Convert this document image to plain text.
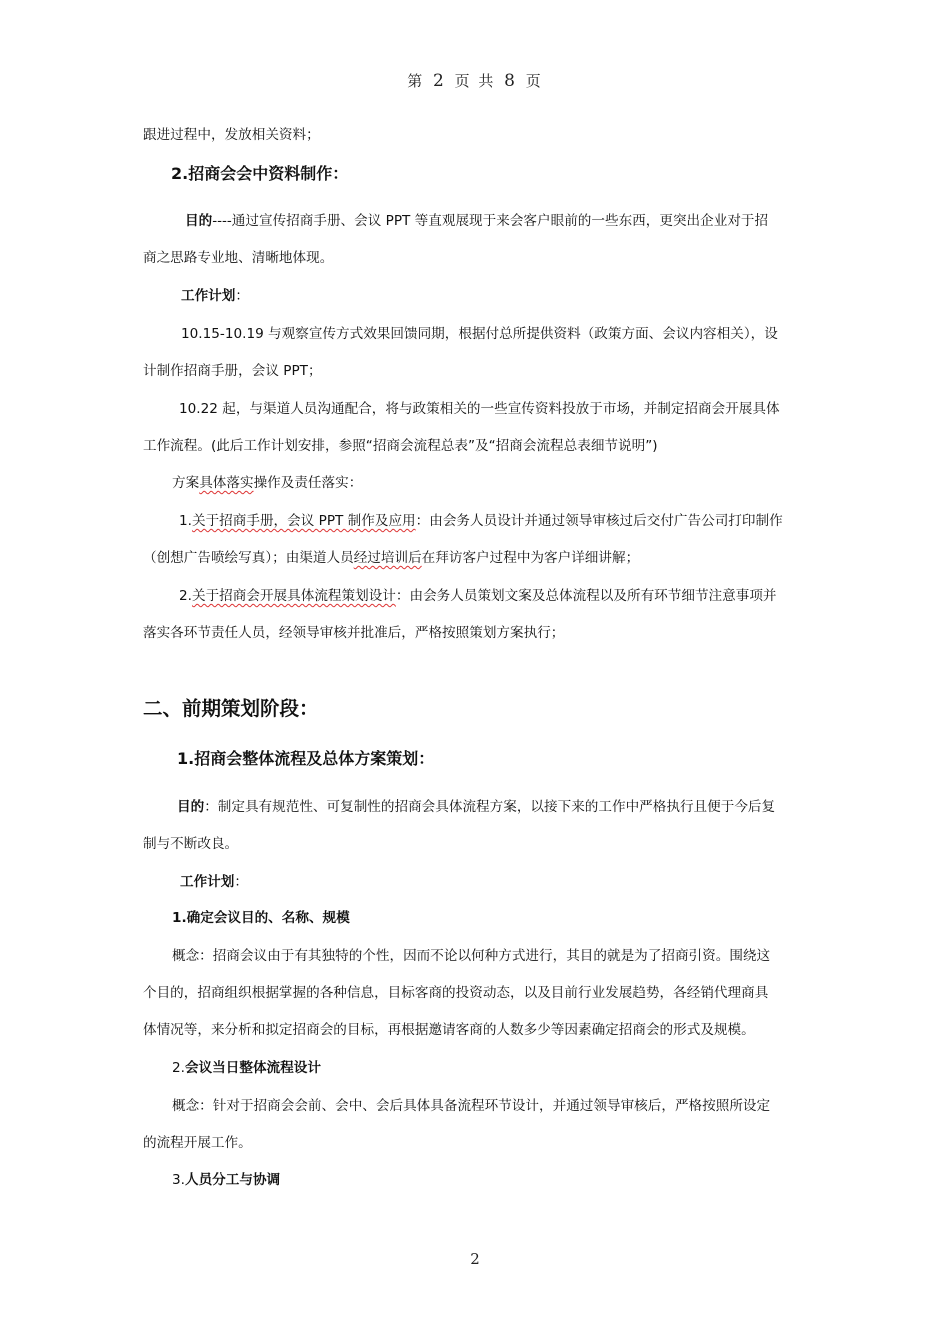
第 2 页 共 8 页
跟进过程中，发放相关资料；
2.招商会会中资料制作：
目的----通过宣传招商手册、会议 PPT 等直观展现于来会客户眼前的一些东西，更突出企业对于招
商之思路专业地、清晰地体现。
工作计划：
10.15-10.19 与观察宣传方式效果回馈同期，根据付总所提供资料（政策方面、会议内容相关），设
计制作招商手册，会议 PPT；
10.22 起，与渠道人员沟通配合，将与政策相关的一些宣传资料投放于市场，并制定招商会开展具体
工作流程。(此后工作计划安排，参照“招商会流程总表”及“招商会流程总表细节说明”)
方案具体落实操作及责任落实：
1.关于招商手册，会议 PPT 制作及应用：由会务人员设计并通过领导审核过后交付广告公司打印制作
（创想广告喷绘写真）；由渠道人员经过培训后在拜访客户过程中为客户详细讲解；
2.关于招商会开展具体流程策划设计：由会务人员策划文案及总体流程以及所有环节细节注意事项并
落实各环节责任人员，经领导审核并批准后，严格按照策划方案执行；
二、前期策划阶段：
1.招商会整体流程及总体方案策划：
目的：制定具有规范性、可复制性的招商会具体流程方案，以接下来的工作中严格执行且便于今后复
制与不断改良。
工作计划：
1.确定会议目的、名称、规模
概念：招商会议由于有其独特的个性，因而不论以何种方式进行，其目的就是为了招商引资。围绕这
个目的，招商组织根据掌握的各种信息，目标客商的投资动态，以及目前行业发展趋势，各经销代理商具
体情况等，来分析和拟定招商会的目标，再根据邀请客商的人数多少等因素确定招商会的形式及规模。
2.会议当日整体流程设计
概念：针对于招商会会前、会中、会后具体具备流程环节设计，并通过领导审核后，严格按照所设定
的流程开展工作。
3.人员分工与协调
2
